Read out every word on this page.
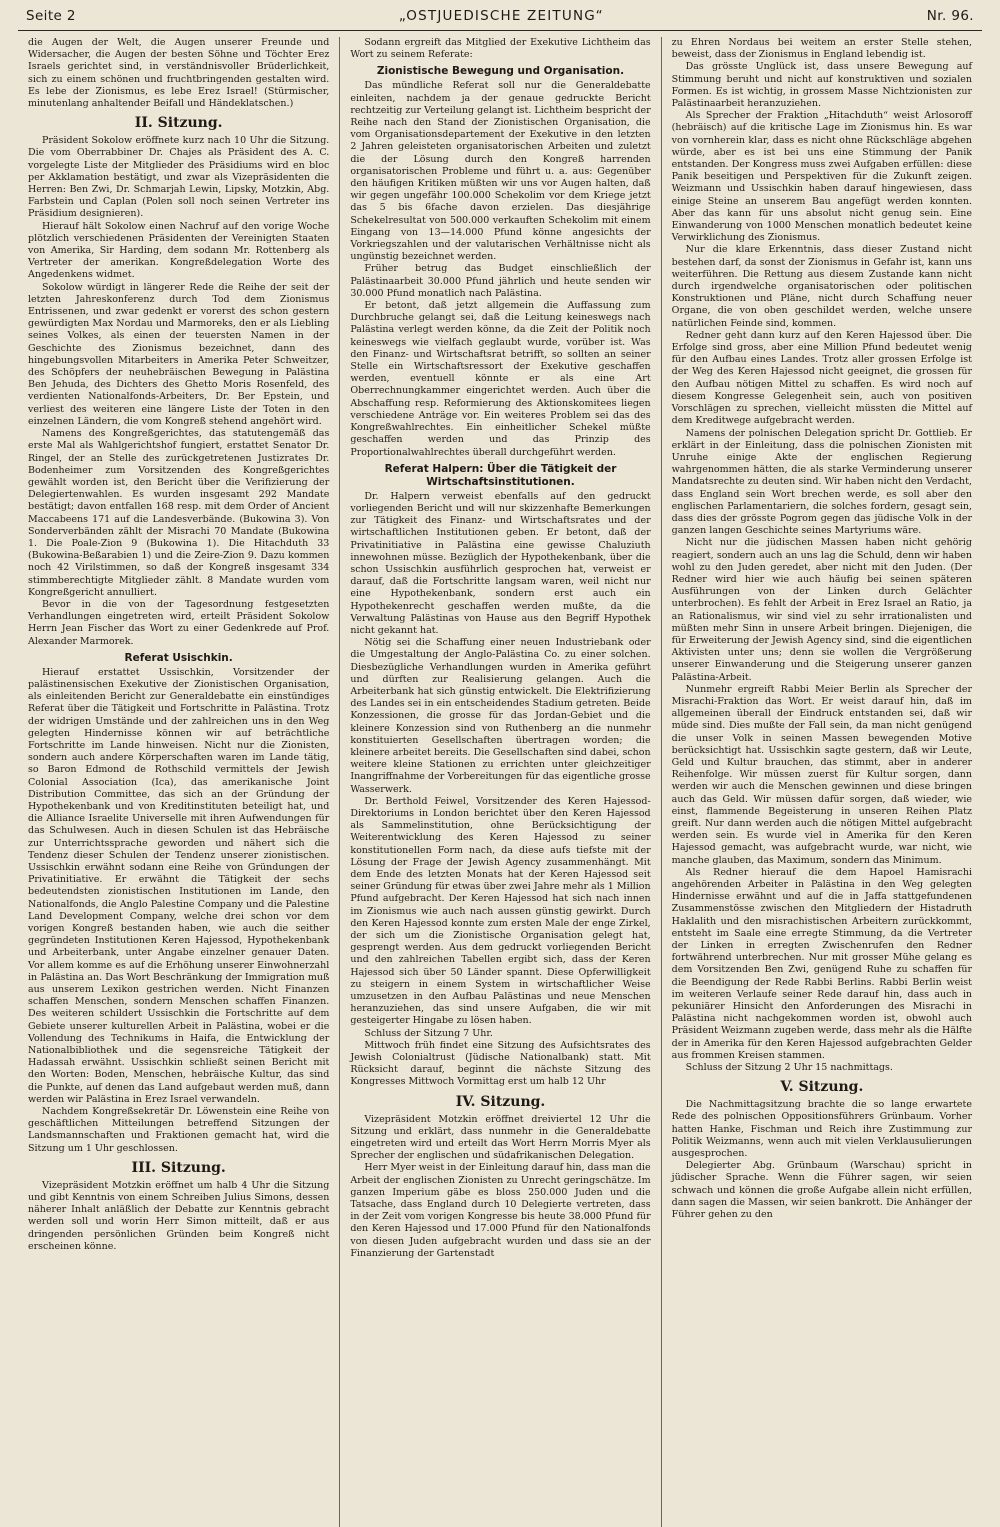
Seite 2	„OSTJUEDISCHE ZEITUNG“	Nr. 96.

die Augen der Welt, die Augen unserer Freunde und Widersacher, die Augen der besten Söhne und Töchter Erez Israels gerichtet sind, in verständnisvoller Brüderlichkeit, sich zu einem schönen und fruchtbringenden gestalten wird. Es lebe der Zionismus, es lebe Erez Israel! (Stürmischer, minutenlang anhaltender Beifall und Händeklatschen.)

II. Sitzung.

Präsident Sokolow eröffnete kurz nach 10 Uhr die Sitzung. Die vom Oberrabbiner Dr. Chajes als Präsident des A. C. vorgelegte Liste der Mitglieder des Präsidiums wird en bloc per Akklamation bestätigt, und zwar als Vizepräsidenten die Herren: Ben Zwi, Dr. Schmarjah Lewin, Lipsky, Motzkin, Abg. Farbstein und Caplan (Polen soll noch seinen Vertreter ins Präsidium designieren).

Hierauf hält Sokolow einen Nachruf auf den vorige Woche plötzlich verschiedenen Präsidenten der Vereinigten Staaten von Amerika, Sir Harding, dem sodann Mr. Rottenberg als Vertreter der amerikan. Kongreßdelegation Worte des Angedenkens widmet.

Sokolow würdigt in längerer Rede die Reihe der seit der letzten Jahreskonferenz durch Tod dem Zionismus Entrissenen, und zwar gedenkt er vorerst des schon gestern gewürdigten Max Nordau und Marmoreks, den er als Liebling seines Volkes, als einen der teuersten Namen in der Geschichte des Zionismus bezeichnet, dann des hingebungsvollen Mitarbeiters in Amerika Peter Schweitzer, des Schöpfers der neuhebräischen Bewegung in Palästina Ben Jehuda, des Dichters des Ghetto Moris Rosenfeld, des verdienten Nationalfonds-Arbeiters, Dr. Ber Epstein, und verliest des weiteren eine längere Liste der Toten in den einzelnen Ländern, die vom Kongreß stehend angehört wird.

Namens des Kongreßgerichtes, das statutengemäß das erste Mal als Wahlgerichtshof fungiert, erstattet Senator Dr. Ringel, der an Stelle des zurückgetretenen Justizrates Dr. Bodenheimer zum Vorsitzenden des Kongreßgerichtes gewählt worden ist, den Bericht über die Verifizierung der Delegiertenwahlen. Es wurden insgesamt 292 Mandate bestätigt; davon entfallen 168 resp. mit dem Order of Ancient Maccabeens 171 auf die Landesverbände. (Bukowina 3). Von Sonderverbänden zählt der Misrachi 70 Mandate (Bukowina 1. Die Poale-Zion 9 (Bukowina 1). Die Hitachduth 33 (Bukowina-Beßarabien 1) und die Zeire-Zion 9. Dazu kommen noch 42 Virilstimmen, so daß der Kongreß insgesamt 334 stimmberechtigte Mitglieder zählt. 8 Mandate wurden vom Kongreßgericht annulliert.

Bevor in die von der Tagesordnung festgesetzten Verhandlungen eingetreten wird, erteilt Präsident Sokolow Herrn Jean Fischer das Wort zu einer Gedenkrede auf Prof. Alexander Marmorek.

Referat Usischkin.

Hierauf erstattet Ussischkin, Vorsitzender der palästinensischen Exekutive der Zionistischen Organisation, als einleitenden Bericht zur Generaldebatte ein einstündiges Referat über die Tätigkeit und Fortschritte in Palästina. Trotz der widrigen Umstände und der zahlreichen uns in den Weg gelegten Hindernisse können wir auf beträchtliche Fortschritte im Lande hinweisen. Nicht nur die Zionisten, sondern auch andere Körperschaften waren im Lande tätig, so Baron Edmond de Rothschild vermittels der Jewish Colonial Association (Ica), das amerikanische Joint Distribution Committee, das sich an der Gründung der Hypothekenbank und von Kreditinstituten beteiligt hat, und die Alliance Israelite Universelle mit ihren Aufwendungen für das Schulwesen. Auch in diesen Schulen ist das Hebräische zur Unterrichtssprache geworden und nähert sich die Tendenz dieser Schulen der Tendenz unserer zionistischen. Ussischkin erwähnt sodann eine Reihe von Gründungen der Privatinitiative. Er erwähnt die Tätigkeit der sechs bedeutendsten zionistischen Institutionen im Lande, den Nationalfonds, die Anglo Palestine Company und die Palestine Land Development Company, welche drei schon vor dem vorigen Kongreß bestanden haben, wie auch die seither gegründeten Institutionen Keren Hajessod, Hypothekenbank und Arbeiterbank, unter Angabe einzelner genauer Daten. Vor allem komme es auf die Erhöhung unserer Einwohnerzahl in Palästina an. Das Wort Beschränkung der Immigration muß aus unserem Lexikon gestrichen werden. Nicht Finanzen schaffen Menschen, sondern Menschen schaffen Finanzen. Des weiteren schildert Ussischkin die Fortschritte auf dem Gebiete unserer kulturellen Arbeit in Palästina, wobei er die Vollendung des Technikums in Haifa, die Entwicklung der Nationalbibliothek und die segensreiche Tätigkeit der Hadassah erwähnt. Ussischkin schließt seinen Bericht mit den Worten: Boden, Menschen, hebräische Kultur, das sind die Punkte, auf denen das Land aufgebaut werden muß, dann werden wir Palästina in Erez Israel verwandeln.

Nachdem Kongreßsekretär Dr. Löwenstein eine Reihe von geschäftlichen Mitteilungen betreffend Sitzungen der Landsmannschaften und Fraktionen gemacht hat, wird die Sitzung um 1 Uhr geschlossen.

III. Sitzung.

Vizepräsident Motzkin eröffnet um halb 4 Uhr die Sitzung und gibt Kenntnis von einem Schreiben Julius Simons, dessen näherer Inhalt anläßlich der Debatte zur Kenntnis gebracht werden soll und worin Herr Simon mitteilt, daß er aus dringenden persönlichen Gründen beim Kongreß nicht erscheinen könne.

Sodann ergreift das Mitglied der Exekutive Lichtheim das Wort zu seinem Referate:

Zionistische Bewegung und Organisation.

Das mündliche Referat soll nur die Generaldebatte einleiten, nachdem ja der genaue gedruckte Bericht rechtzeitig zur Verteilung gelangt ist. Lichtheim bespricht der Reihe nach den Stand der Zionistischen Organisation, die vom Organisationsdepartement der Exekutive in den letzten 2 Jahren geleisteten organisatorischen Arbeiten und zuletzt die der Lösung durch den Kongreß harrenden organisatorischen Probleme und führt u. a. aus: Gegenüber den häufigen Kritiken müßten wir uns vor Augen halten, daß wir gegen ungefähr 100.000 Schekolim vor dem Kriege jetzt das 5 bis 6fache davon erzielen. Das diesjährige Schekelresultat von 500.000 verkauften Schekolim mit einem Eingang von 13—14.000 Pfund könne angesichts der Vorkriegszahlen und der valutarischen Verhältnisse nicht als ungünstig bezeichnet werden.

Früher betrug das Budget einschließlich der Palästinaarbeit 30.000 Pfund jährlich und heute senden wir 30.000 Pfund monatlich nach Palästina.

Er betont, daß jetzt allgemein die Auffassung zum Durchbruche gelangt sei, daß die Leitung keineswegs nach Palästina verlegt werden könne, da die Zeit der Politik noch keineswegs wie vielfach geglaubt wurde, vorüber ist. Was den Finanz- und Wirtschaftsrat betrifft, so sollten an seiner Stelle ein Wirtschaftsressort der Exekutive geschaffen werden, eventuell könnte er als eine Art Oberrechnungkammer eingerichtet werden. Auch über die Abschaffung resp. Reformierung des Aktionskomitees liegen verschiedene Anträge vor. Ein weiteres Problem sei das des Kongreßwahlrechtes. Ein einheitlicher Schekel müßte geschaffen werden und das Prinzip des Proportionalwahlrechtes überall durchgeführt werden.

Referat Halpern: Über die Tätigkeit der Wirtschaftsinstitutionen.

Dr. Halpern verweist ebenfalls auf den gedruckt vorliegenden Bericht und will nur skizzenhafte Bemerkungen zur Tätigkeit des Finanz- und Wirtschaftsrates und der wirtschaftlichen Institutionen geben. Er betont, daß der Privatinitiative in Palästina eine gewisse Chaluziuth innewohnen müsse. Bezüglich der Hypothekenbank, über die schon Ussischkin ausführlich gesprochen hat, verweist er darauf, daß die Fortschritte langsam waren, weil nicht nur eine Hypothekenbank, sondern erst auch ein Hypothekenrecht geschaffen werden mußte, da die Verwaltung Palästinas von Hause aus den Begriff Hypothek nicht gekannt hat.

Nötig sei die Schaffung einer neuen Industriebank oder die Umgestaltung der Anglo-Palästina Co. zu einer solchen. Diesbezügliche Verhandlungen wurden in Amerika geführt und dürften zur Realisierung gelangen. Auch die Arbeiterbank hat sich günstig entwickelt. Die Elektrifizierung des Landes sei in ein entscheidendes Stadium getreten. Beide Konzessionen, die grosse für das Jordan-Gebiet und die kleinere Konzession sind von Ruthenberg an die nunmehr konstituierten Gesellschaften übertragen worden; die kleinere arbeitet bereits. Die Gesellschaften sind dabei, schon weitere kleine Stationen zu errichten unter gleichzeitiger Inangriffnahme der Vorbereitungen für das eigentliche grosse Wasserwerk.

Dr. Berthold Feiwel, Vorsitzender des Keren Hajessod-Direktoriums in London berichtet über den Keren Hajessod als Sammelinstitution, ohne Berücksichtigung der Weiterentwicklung des Keren Hajessod zu seiner konstitutionellen Form nach, da diese aufs tiefste mit der Lösung der Frage der Jewish Agency zusammenhängt. Mit dem Ende des letzten Monats hat der Keren Hajessod seit seiner Gründung für etwas über zwei Jahre mehr als 1 Million Pfund aufgebracht. Der Keren Hajessod hat sich nach innen im Zionismus wie auch nach aussen günstig gewirkt. Durch den Keren Hajessod konnte zum ersten Male der enge Zirkel, der sich um die Zionistische Organisation gelegt hat, gesprengt werden. Aus dem gedruckt vorliegenden Bericht und den zahlreichen Tabellen ergibt sich, dass der Keren Hajessod sich über 50 Länder spannt. Diese Opferwilligkeit zu steigern in einem System in wirtschaftlicher Weise umzusetzen in den Aufbau Palästinas und neue Menschen heranzuziehen, das sind unsere Aufgaben, die wir mit gesteigerter Hingabe zu lösen haben.

Schluss der Sitzung 7 Uhr.

Mittwoch früh findet eine Sitzung des Aufsichtsrates des Jewish Colonialtrust (Jüdische Nationalbank) statt. Mit Rücksicht darauf, beginnt die nächste Sitzung des Kongresses Mittwoch Vormittag erst um halb 12 Uhr

IV. Sitzung.

Vizepräsident Motzkin eröffnet dreiviertel 12 Uhr die Sitzung und erklärt, dass nunmehr in die Generaldebatte eingetreten wird und erteilt das Wort Herrn Morris Myer als Sprecher der englischen und südafrikanischen Delegation.

Herr Myer weist in der Einleitung darauf hin, dass man die Arbeit der englischen Zionisten zu Unrecht geringschätze. Im ganzen Imperium gäbe es bloss 250.000 Juden und die Tatsache, dass England durch 10 Delegierte vertreten, dass in der Zeit vom vorigen Kongresse bis heute 38.000 Pfund für den Keren Hajessod und 17.000 Pfund für den Nationalfonds von diesen Juden aufgebracht wurden und dass sie an der Finanzierung der Gartenstadt

zu Ehren Nordaus bei weitem an erster Stelle stehen, beweist, dass der Zionismus in England lebendig ist.

Das grösste Unglück ist, dass unsere Bewegung auf Stimmung beruht und nicht auf konstruktiven und sozialen Formen. Es ist wichtig, in grossem Masse Nichtzionisten zur Palästinaarbeit heranzuziehen.

Als Sprecher der Fraktion „Hitachduth“ weist Arlosoroff (hebräisch) auf die kritische Lage im Zionismus hin. Es war von vornherein klar, dass es nicht ohne Rückschläge abgehen würde, aber es ist bei uns eine Stimmung der Panik entstanden. Der Kongress muss zwei Aufgaben erfüllen: diese Panik beseitigen und Perspektiven für die Zukunft zeigen. Weizmann und Ussischkin haben darauf hingewiesen, dass einige Steine an unserem Bau angefügt werden konnten. Aber das kann für uns absolut nicht genug sein. Eine Einwanderung von 1000 Menschen monatlich bedeutet keine Verwirklichung des Zionismus.

Nur die klare Erkenntnis, dass dieser Zustand nicht bestehen darf, da sonst der Zionismus in Gefahr ist, kann uns weiterführen. Die Rettung aus diesem Zustande kann nicht durch irgendwelche organisatorischen oder politischen Konstruktionen und Pläne, nicht durch Schaffung neuer Organe, die von oben geschildet werden, welche unsere natürlichen Feinde sind, kommen.

Redner geht dann kurz auf den Keren Hajessod über. Die Erfolge sind gross, aber eine Million Pfund bedeutet wenig für den Aufbau eines Landes. Trotz aller grossen Erfolge ist der Weg des Keren Hajessod nicht geeignet, die grossen für den Aufbau nötigen Mittel zu schaffen. Es wird noch auf diesem Kongresse Gelegenheit sein, auch von positiven Vorschlägen zu sprechen, vielleicht müssten die Mittel auf dem Kreditwege aufgebracht werden.

Namens der polnischen Delegation spricht Dr. Gottlieb. Er erklärt in der Einleitung, dass die polnischen Zionisten mit Unruhe einige Akte der englischen Regierung wahrgenommen hätten, die als starke Verminderung unserer Mandatsrechte zu deuten sind. Wir haben nicht den Verdacht, dass England sein Wort brechen werde, es soll aber den englischen Parlamentariern, die solches fordern, gesagt sein, dass dies der grösste Pogrom gegen das jüdische Volk in der ganzen langen Geschichte seines Martyriums wäre.

Nicht nur die jüdischen Massen haben nicht gehörig reagiert, sondern auch an uns lag die Schuld, denn wir haben wohl zu den Juden geredet, aber nicht mit den Juden. (Der Redner wird hier wie auch häufig bei seinen späteren Ausführungen von der Linken durch Gelächter unterbrochen). Es fehlt der Arbeit in Erez Israel an Ratio, ja an Rationalismus, wir sind viel zu sehr irrationalisten und müßten mehr Sinn in unsere Arbeit bringen. Diejenigen, die für Erweiterung der Jewish Agency sind, sind die eigentlichen Aktivisten unter uns; denn sie wollen die Vergrößerung unserer Einwanderung und die Steigerung unserer ganzen Palästina-Arbeit.

Nunmehr ergreift Rabbi Meier Berlin als Sprecher der Misrachi-Fraktion das Wort. Er weist darauf hin, daß im allgemeinen überall der Eindruck entstanden sei, daß wir müde sind. Dies mußte der Fall sein, da man nicht genügend die unser Volk in seinen Massen bewegenden Motive berücksichtigt hat. Ussischkin sagte gestern, daß wir Leute, Geld und Kultur brauchen, das stimmt, aber in anderer Reihenfolge. Wir müssen zuerst für Kultur sorgen, dann werden wir auch die Menschen gewinnen und diese bringen auch das Geld. Wir müssen dafür sorgen, daß wieder, wie einst, flammende Begeisterung in unseren Reihen Platz greift. Nur dann werden auch die nötigen Mittel aufgebracht werden sein. Es wurde viel in Amerika für den Keren Hajessod gemacht, was aufgebracht wurde, war nicht, wie manche glauben, das Maximum, sondern das Minimum.

Als Redner hierauf die dem Hapoel Hamisrachi angehörenden Arbeiter in Palästina in den Weg gelegten Hindernisse erwähnt und auf die in Jaffa stattgefundenen Zusammenstösse zwischen den Mitgliedern der Histadruth Haklalith und den misrachistischen Arbeitern zurückkommt, entsteht im Saale eine erregte Stimmung, da die Vertreter der Linken in erregten Zwischenrufen den Redner fortwährend unterbrechen. Nur mit grosser Mühe gelang es dem Vorsitzenden Ben Zwi, genügend Ruhe zu schaffen für die Beendigung der Rede Rabbi Berlins. Rabbi Berlin weist im weiteren Verlaufe seiner Rede darauf hin, dass auch in pekuniärer Hinsicht den Anforderungen des Misrachi in Palästina nicht nachgekommen worden ist, obwohl auch Präsident Weizmann zugeben werde, dass mehr als die Hälfte der in Amerika für den Keren Hajessod aufgebrachten Gelder aus frommen Kreisen stammen.

Schluss der Sitzung 2 Uhr 15 nachmittags.

V. Sitzung.

Die Nachmittagsitzung brachte die so lange erwartete Rede des polnischen Oppositionsführers Grünbaum. Vorher hatten Hanke, Fischman und Reich ihre Zustimmung zur Politik Weizmanns, wenn auch mit vielen Verklausulierungen ausgesprochen.

Delegierter Abg. Grünbaum (Warschau) spricht in jüdischer Sprache. Wenn die Führer sagen, wir seien schwach und können die große Aufgabe allein nicht erfüllen, dann sagen die Massen, wir seien bankrott. Die Anhänger der Führer gehen zu den
